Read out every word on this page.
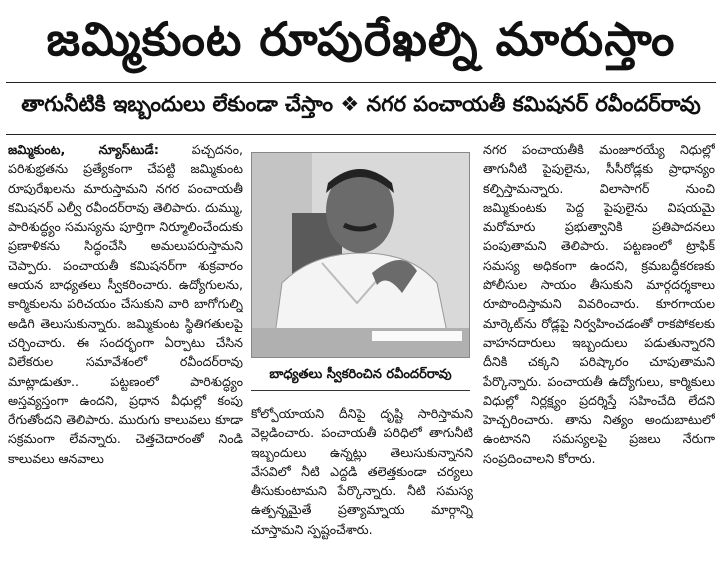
జమ్మికుంట రూపురేఖల్ని మారుస్తాం
తాగునీటికి ఇబ్బందులు లేకుండా చేస్తాం ❖ నగర పంచాయతీ కమిషనర్ రవీందర్‌రావు

జమ్మికుంట, న్యూస్‌టుడే:	పచ్చదనం, పరిశుభ్రతను ప్రత్యేకంగా చేపట్టి జమ్మికుంట రూపురేఖలను మారుస్తామని నగర పంచాయతీ కమిషనర్ ఎల్వీ రవీందర్‌రావు తెలిపారు. దుమ్ము, పారిశుద్ధ్యం సమస్యను పూర్తిగా నిర్మూలించేందుకు ప్రణాళికను సిద్ధంచేసి అమలుపరుస్తామని చెప్పారు. పంచాయతీ కమిషనర్‌గా శుక్రవారం ఆయన బాధ్యతలు స్వీకరించారు. ఉద్యోగులను, కార్మికులను పరిచయం చేసుకుని వారి బాగోగుల్ని అడిగి తెలుసుకున్నారు. జమ్మికుంట స్థితిగతులపై చర్చించారు. ఈ సందర్భంగా ఏర్పాటు చేసిన విలేకరుల సమావేశంలో రవీందర్‌రావు మాట్లాడుతూ.. పట్టణంలో పారిశుద్ధ్యం అస్తవ్యస్తంగా ఉందని, ప్రధాన వీధుల్లో కంపు రేగుతోందని తెలిపారు. మురుగు కాలువలు కూడా సక్రమంగా లేవన్నారు. చెత్తచెదారంతో నిండి కాలువలు ఆనవాలు

బాధ్యతలు స్వీకరించిన రవీందర్‌రావు

కోల్పోయాయని దీనిపై దృష్టి సారిస్తామని వెల్లడించారు. పంచాయతీ పరిధిలో తాగునీటి ఇబ్బందులు ఉన్నట్లు తెలుసుకున్నానని వేసవిలో నీటి ఎద్దడి తలెత్తకుండా చర్యలు తీసుకుంటామని పేర్కొన్నారు. నీటి సమస్య ఉత్పన్నమైతే ప్రత్యామ్నాయ మార్గాన్ని చూస్తామని స్పష్టంచేశారు.

నగర పంచాయతీకి మంజూరయ్యే నిధుల్లో తాగునీటి పైపులైను, సీసీరోడ్లకు ప్రాధాన్యం కల్పిస్తామన్నారు. విలాసాగర్ నుంచి జమ్మికుంటకు పెద్ద పైపులైను విషయమై మరోమారు ప్రభుత్వానికి ప్రతిపాదనలు పంపుతామని తెలిపారు. పట్టణంలో ట్రాఫిక్ సమస్య అధికంగా ఉందని, క్రమబద్ధీకరణకు పోలీసుల సాయం తీసుకుని మార్గదర్శకాలు రూపొందిస్తామని వివరించారు. కూరగాయల మార్కెట్‌ను రోడ్లపై నిర్వహించడంతో రాకపోకలకు వాహనదారులు ఇబ్బందులు పడుతున్నారని దీనికి చక్కని పరిష్కారం చూపుతామని పేర్కొన్నారు. పంచాయతీ ఉద్యోగులు, కార్మికులు విధుల్లో నిర్లక్ష్యం ప్రదర్శిస్తే సహించేది లేదని హెచ్చరించారు. తాను నిత్యం అందుబాటులో ఉంటానని సమస్యలపై ప్రజలు నేరుగా సంప్రదించాలని కోరారు.
